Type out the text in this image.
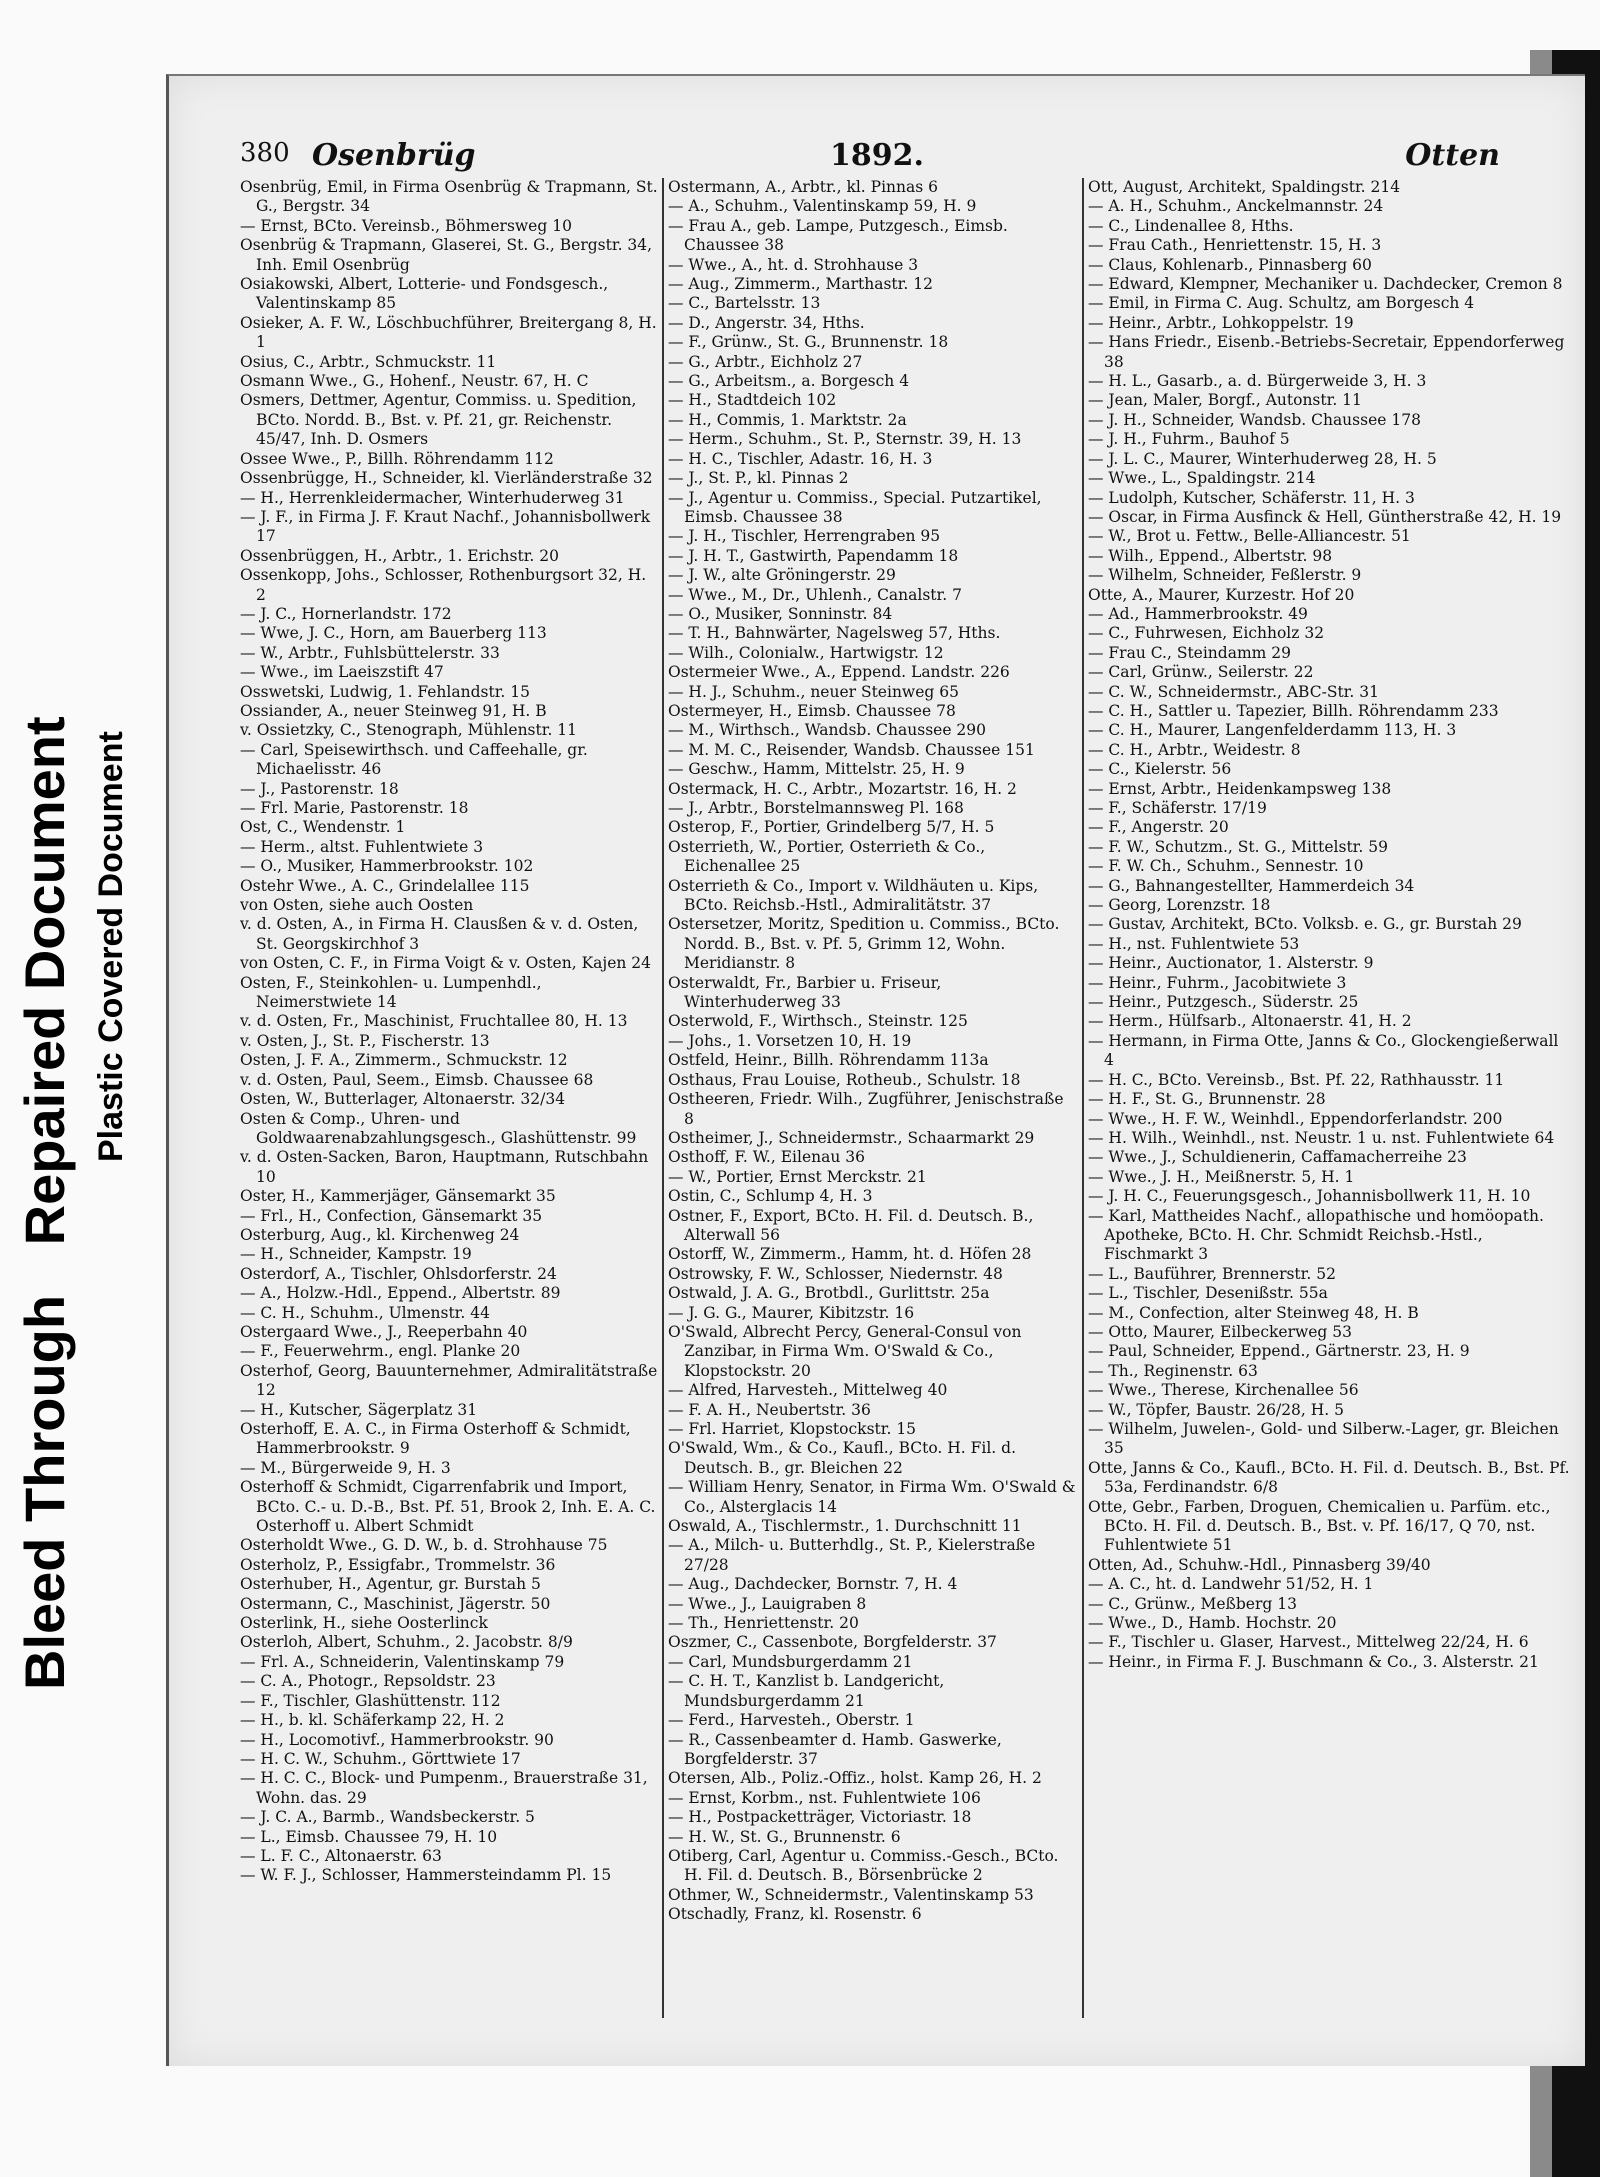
Bleed Through Repaired Document Plastic Covered Document
380 Osenbrüg	1892.	Otten

Osenbrüg, Emil, in Firma Osenbrüg & Trapmann, St. G., Bergstr. 34

— Ernst, BCto. Vereinsb., Böhmersweg 10

Osenbrüg & Trapmann, Glaserei, St. G., Bergstr. 34, Inh. Emil Osenbrüg

Osiakowski, Albert, Lotterie- und Fondsgesch., Valentinskamp 85

Osieker, A. F. W., Löschbuchführer, Breitergang 8, H. 1

Osius, C., Arbtr., Schmuckstr. 11

Osmann Wwe., G., Hohenf., Neustr. 67, H. C

Osmers, Dettmer, Agentur, Commiss. u. Spedition, BCto. Nordd. B., Bst. v. Pf. 21, gr. Reichenstr. 45/47, Inh. D. Osmers

Ossee Wwe., P., Billh. Röhrendamm 112

Ossenbrügge, H., Schneider, kl. Vierländerstraße 32

— H., Herrenkleidermacher, Winterhuderweg 31

— J. F., in Firma J. F. Kraut Nachf., Johannisbollwerk 17

Ossenbrüggen, H., Arbtr., 1. Erichstr. 20

Ossenkopp, Johs., Schlosser, Rothenburgsort 32, H. 2

— J. C., Hornerlandstr. 172

— Wwe, J. C., Horn, am Bauerberg 113

— W., Arbtr., Fuhlsbüttelerstr. 33

— Wwe., im Laeiszstift 47

Osswetski, Ludwig, 1. Fehlandstr. 15

Ossiander, A., neuer Steinweg 91, H. B

v. Ossietzky, C., Stenograph, Mühlenstr. 11

— Carl, Speisewirthsch. und Caffeehalle, gr. Michaelisstr. 46

— J., Pastorenstr. 18

— Frl. Marie, Pastorenstr. 18

Ost, C., Wendenstr. 1

— Herm., altst. Fuhlentwiete 3

— O., Musiker, Hammerbrookstr. 102

Ostehr Wwe., A. C., Grindelallee 115

von Osten, siehe auch Oosten

v. d. Osten, A., in Firma H. Clausßen & v. d. Osten, St. Georgskirchhof 3

von Osten, C. F., in Firma Voigt & v. Osten, Kajen 24

Osten, F., Steinkohlen- u. Lumpenhdl., Neimerstwiete 14

v. d. Osten, Fr., Maschinist, Fruchtallee 80, H. 13

v. Osten, J., St. P., Fischerstr. 13

Osten, J. F. A., Zimmerm., Schmuckstr. 12

v. d. Osten, Paul, Seem., Eimsb. Chaussee 68

Osten, W., Butterlager, Altonaerstr. 32/34

Osten & Comp., Uhren- und Goldwaarenabzahlungsgesch., Glashüttenstr. 99

v. d. Osten-Sacken, Baron, Hauptmann, Rutschbahn 10

Oster, H., Kammerjäger, Gänsemarkt 35

— Frl., H., Confection, Gänsemarkt 35

Osterburg, Aug., kl. Kirchenweg 24

— H., Schneider, Kampstr. 19

Osterdorf, A., Tischler, Ohlsdorferstr. 24

— A., Holzw.-Hdl., Eppend., Albertstr. 89

— C. H., Schuhm., Ulmenstr. 44

Ostergaard Wwe., J., Reeperbahn 40

— F., Feuerwehrm., engl. Planke 20

Osterhof, Georg, Bauunternehmer, Admiralitätstraße 12

— H., Kutscher, Sägerplatz 31

Osterhoff, E. A. C., in Firma Osterhoff & Schmidt, Hammerbrookstr. 9

— M., Bürgerweide 9, H. 3

Osterhoff & Schmidt, Cigarrenfabrik und Import, BCto. C.- u. D.-B., Bst. Pf. 51, Brook 2, Inh. E. A. C. Osterhoff u. Albert Schmidt

Osterholdt Wwe., G. D. W., b. d. Strohhause 75

Osterholz, P., Essigfabr., Trommelstr. 36

Osterhuber, H., Agentur, gr. Burstah 5

Ostermann, C., Maschinist, Jägerstr. 50

Osterlink, H., siehe Oosterlinck

Osterloh, Albert, Schuhm., 2. Jacobstr. 8/9

— Frl. A., Schneiderin, Valentinskamp 79

— C. A., Photogr., Repsoldstr. 23

— F., Tischler, Glashüttenstr. 112

— H., b. kl. Schäferkamp 22, H. 2

— H., Locomotivf., Hammerbrookstr. 90

— H. C. W., Schuhm., Görttwiete 17

— H. C. C., Block- und Pumpenm., Brauerstraße 31, Wohn. das. 29

— J. C. A., Barmb., Wandsbeckerstr. 5

— L., Eimsb. Chaussee 79, H. 10

— L. F. C., Altonaerstr. 63

— W. F. J., Schlosser, Hammersteindamm Pl. 15

Ostermann, A., Arbtr., kl. Pinnas 6

— A., Schuhm., Valentinskamp 59, H. 9

— Frau A., geb. Lampe, Putzgesch., Eimsb. Chaussee 38

— Wwe., A., ht. d. Strohhause 3

— Aug., Zimmerm., Marthastr. 12

— C., Bartelsstr. 13

— D., Angerstr. 34, Hths.

— F., Grünw., St. G., Brunnenstr. 18

— G., Arbtr., Eichholz 27

— G., Arbeitsm., a. Borgesch 4

— H., Stadtdeich 102

— H., Commis, 1. Marktstr. 2a

— Herm., Schuhm., St. P., Sternstr. 39, H. 13

— H. C., Tischler, Adastr. 16, H. 3

— J., St. P., kl. Pinnas 2

— J., Agentur u. Commiss., Special. Putzartikel, Eimsb. Chaussee 38

— J. H., Tischler, Herrengraben 95

— J. H. T., Gastwirth, Papendamm 18

— J. W., alte Gröningerstr. 29

— Wwe., M., Dr., Uhlenh., Canalstr. 7

— O., Musiker, Sonninstr. 84

— T. H., Bahnwärter, Nagelsweg 57, Hths.

— Wilh., Colonialw., Hartwigstr. 12

Ostermeier Wwe., A., Eppend. Landstr. 226

— H. J., Schuhm., neuer Steinweg 65

Ostermeyer, H., Eimsb. Chaussee 78

— M., Wirthsch., Wandsb. Chaussee 290

— M. M. C., Reisender, Wandsb. Chaussee 151

— Geschw., Hamm, Mittelstr. 25, H. 9

Ostermack, H. C., Arbtr., Mozartstr. 16, H. 2

— J., Arbtr., Borstelmannsweg Pl. 168

Osterop, F., Portier, Grindelberg 5/7, H. 5

Osterrieth, W., Portier, Osterrieth & Co., Eichenallee 25

Osterrieth & Co., Import v. Wildhäuten u. Kips, BCto. Reichsb.-Hstl., Admiralitätstr. 37

Ostersetzer, Moritz, Spedition u. Commiss., BCto. Nordd. B., Bst. v. Pf. 5, Grimm 12, Wohn. Meridianstr. 8

Osterwaldt, Fr., Barbier u. Friseur, Winterhuderweg 33

Osterwold, F., Wirthsch., Steinstr. 125

— Johs., 1. Vorsetzen 10, H. 19

Ostfeld, Heinr., Billh. Röhrendamm 113a

Osthaus, Frau Louise, Rotheub., Schulstr. 18

Ostheeren, Friedr. Wilh., Zugführer, Jenischstraße 8

Ostheimer, J., Schneidermstr., Schaarmarkt 29

Osthoff, F. W., Eilenau 36

— W., Portier, Ernst Merckstr. 21

Ostin, C., Schlump 4, H. 3

Ostner, F., Export, BCto. H. Fil. d. Deutsch. B., Alterwall 56

Ostorff, W., Zimmerm., Hamm, ht. d. Höfen 28

Ostrowsky, F. W., Schlosser, Niedernstr. 48

Ostwald, J. A. G., Brotbdl., Gurlittstr. 25a

— J. G. G., Maurer, Kibitzstr. 16

O'Swald, Albrecht Percy, General-Consul von Zanzibar, in Firma Wm. O'Swald & Co., Klopstockstr. 20

— Alfred, Harvesteh., Mittelweg 40

— F. A. H., Neubertstr. 36

— Frl. Harriet, Klopstockstr. 15

O'Swald, Wm., & Co., Kaufl., BCto. H. Fil. d. Deutsch. B., gr. Bleichen 22

— William Henry, Senator, in Firma Wm. O'Swald & Co., Alsterglacis 14

Oswald, A., Tischlermstr., 1. Durchschnitt 11

— A., Milch- u. Butterhdlg., St. P., Kielerstraße 27/28

— Aug., Dachdecker, Bornstr. 7, H. 4

— Wwe., J., Lauigraben 8

— Th., Henriettenstr. 20

Oszmer, C., Cassenbote, Borgfelderstr. 37

— Carl, Mundsburgerdamm 21

— C. H. T., Kanzlist b. Landgericht, Mundsburgerdamm 21

— Ferd., Harvesteh., Oberstr. 1

— R., Cassenbeamter d. Hamb. Gaswerke, Borgfelderstr. 37

Otersen, Alb., Poliz.-Offiz., holst. Kamp 26, H. 2

— Ernst, Korbm., nst. Fuhlentwiete 106

— H., Postpacketträger, Victoriastr. 18

— H. W., St. G., Brunnenstr. 6

Otiberg, Carl, Agentur u. Commiss.-Gesch., BCto. H. Fil. d. Deutsch. B., Börsenbrücke 2

Othmer, W., Schneidermstr., Valentinskamp 53

Otschadly, Franz, kl. Rosenstr. 6

Ott, August, Architekt, Spaldingstr. 214

— A. H., Schuhm., Anckelmannstr. 24

— C., Lindenallee 8, Hths.

— Frau Cath., Henriettenstr. 15, H. 3

— Claus, Kohlenarb., Pinnasberg 60

— Edward, Klempner, Mechaniker u. Dachdecker, Cremon 8

— Emil, in Firma C. Aug. Schultz, am Borgesch 4

— Heinr., Arbtr., Lohkoppelstr. 19

— Hans Friedr., Eisenb.-Betriebs-Secretair, Eppendorferweg 38

— H. L., Gasarb., a. d. Bürgerweide 3, H. 3

— Jean, Maler, Borgf., Autonstr. 11

— J. H., Schneider, Wandsb. Chaussee 178

— J. H., Fuhrm., Bauhof 5

— J. L. C., Maurer, Winterhuderweg 28, H. 5

— Wwe., L., Spaldingstr. 214

— Ludolph, Kutscher, Schäferstr. 11, H. 3

— Oscar, in Firma Ausfinck & Hell, Güntherstraße 42, H. 19

— W., Brot u. Fettw., Belle-Alliancestr. 51

— Wilh., Eppend., Albertstr. 98

— Wilhelm, Schneider, Feßlerstr. 9

Otte, A., Maurer, Kurzestr. Hof 20

— Ad., Hammerbrookstr. 49

— C., Fuhrwesen, Eichholz 32

— Frau C., Steindamm 29

— Carl, Grünw., Seilerstr. 22

— C. W., Schneidermstr., ABC-Str. 31

— C. H., Sattler u. Tapezier, Billh. Röhrendamm 233

— C. H., Maurer, Langenfelderdamm 113, H. 3

— C. H., Arbtr., Weidestr. 8

— C., Kielerstr. 56

— Ernst, Arbtr., Heidenkampsweg 138

— F., Schäferstr. 17/19

— F., Angerstr. 20

— F. W., Schutzm., St. G., Mittelstr. 59

— F. W. Ch., Schuhm., Sennestr. 10

— G., Bahnangestellter, Hammerdeich 34

— Georg, Lorenzstr. 18

— Gustav, Architekt, BCto. Volksb. e. G., gr. Burstah 29

— H., nst. Fuhlentwiete 53

— Heinr., Auctionator, 1. Alsterstr. 9

— Heinr., Fuhrm., Jacobitwiete 3

— Heinr., Putzgesch., Süderstr. 25

— Herm., Hülfsarb., Altonaerstr. 41, H. 2

— Hermann, in Firma Otte, Janns & Co., Glockengießerwall 4

— H. C., BCto. Vereinsb., Bst. Pf. 22, Rathhausstr. 11

— H. F., St. G., Brunnenstr. 28

— Wwe., H. F. W., Weinhdl., Eppendorferlandstr. 200

— H. Wilh., Weinhdl., nst. Neustr. 1 u. nst. Fuhlentwiete 64

— Wwe., J., Schuldienerin, Caffamacherreihe 23

— Wwe., J. H., Meißnerstr. 5, H. 1

— J. H. C., Feuerungsgesch., Johannisbollwerk 11, H. 10

— Karl, Mattheides Nachf., allopathische und homöopath. Apotheke, BCto. H. Chr. Schmidt Reichsb.-Hstl., Fischmarkt 3

— L., Bauführer, Brennerstr. 52

— L., Tischler, Desenißstr. 55a

— M., Confection, alter Steinweg 48, H. B

— Otto, Maurer, Eilbeckerweg 53

— Paul, Schneider, Eppend., Gärtnerstr. 23, H. 9

— Th., Reginenstr. 63

— Wwe., Therese, Kirchenallee 56

— W., Töpfer, Baustr. 26/28, H. 5

— Wilhelm, Juwelen-, Gold- und Silberw.-Lager, gr. Bleichen 35

Otte, Janns & Co., Kaufl., BCto. H. Fil. d. Deutsch. B., Bst. Pf. 53a, Ferdinandstr. 6/8

Otte, Gebr., Farben, Droguen, Chemicalien u. Parfüm. etc., BCto. H. Fil. d. Deutsch. B., Bst. v. Pf. 16/17, Q 70, nst. Fuhlentwiete 51

Otten, Ad., Schuhw.-Hdl., Pinnasberg 39/40

— A. C., ht. d. Landwehr 51/52, H. 1

— C., Grünw., Meßberg 13

— Wwe., D., Hamb. Hochstr. 20

— F., Tischler u. Glaser, Harvest., Mittelweg 22/24, H. 6

— Heinr., in Firma F. J. Buschmann & Co., 3. Alsterstr. 21
